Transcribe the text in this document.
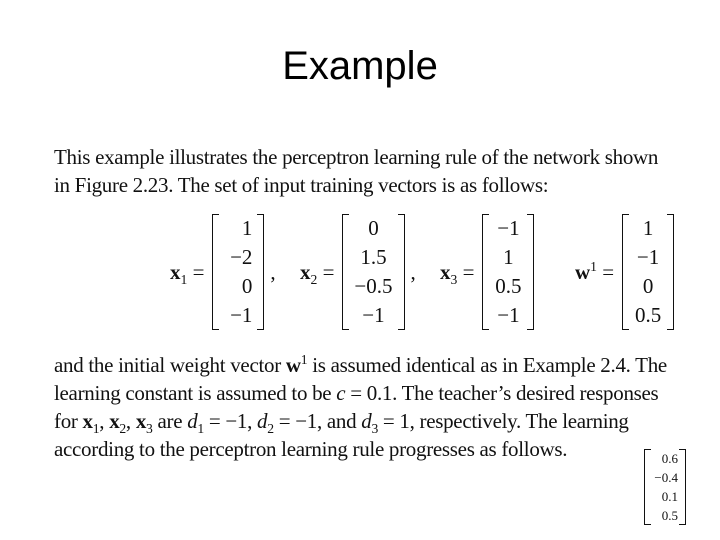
Example
This example illustrates the perceptron learning rule of the network shown
in Figure 2.23. The set of input training vectors is as follows:
$x_1$ =
1
−2
0
−1
, $x_2$ =
0
1.5
−0.5
−1
, $x_3$ =
−1
1
0.5
−1
$w^1$ =
1
−1
0
0.5
and the initial weight vector $w^1$ is assumed identical as in Example 2.4. The
learning constant is assumed to be c = 0.1. The teacher’s desired responses
for $x_1$, $x_2$, $x_3$ are $d_1 = -1$, $d_2 = -1$, and $d_3 = 1$, respectively. The learning
according to the perceptron learning rule progresses as follows.	0.6
−0.4
0.1
0.5
